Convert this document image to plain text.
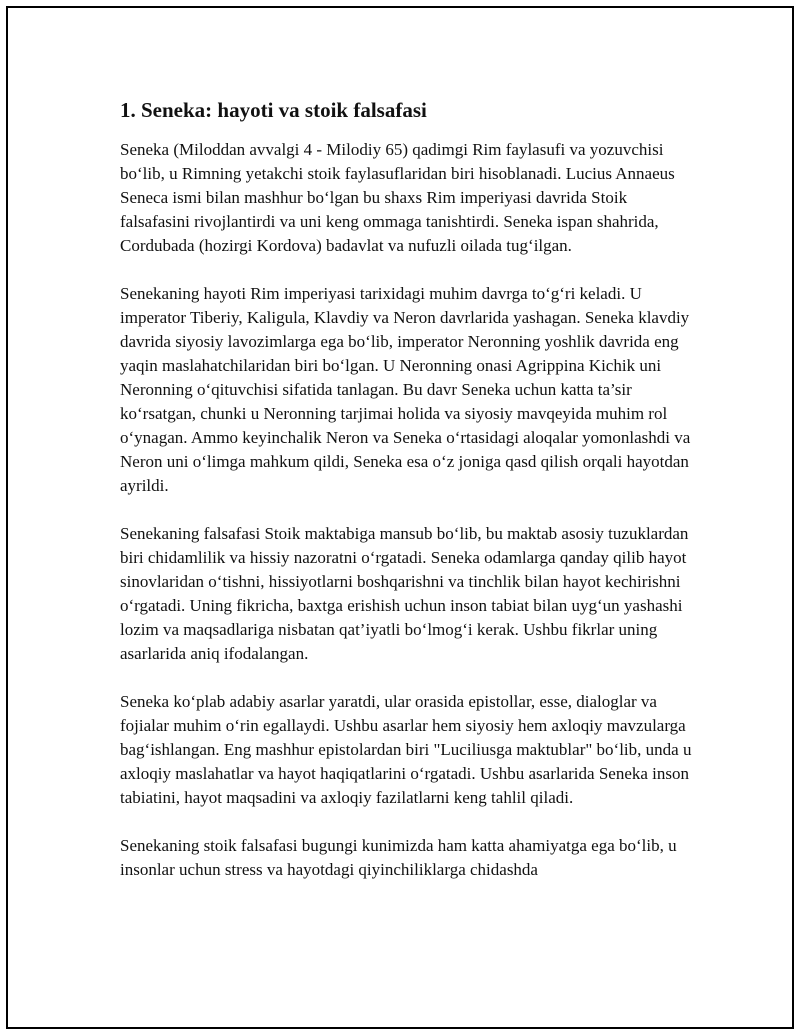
1. Seneka: hayoti va stoik falsafasi

Seneka (Miloddan avvalgi 4 - Milodiy 65) qadimgi Rim faylasufi va yozuvchisi bo‘lib, u Rimning yetakchi stoik faylasuflaridan biri hisoblanadi. Lucius Annaeus Seneca ismi bilan mashhur bo‘lgan bu shaxs Rim imperiyasi davrida Stoik falsafasini rivojlantirdi va uni keng ommaga tanishtirdi. Seneka ispan shahrida, Cordubada (hozirgi Kordova) badavlat va nufuzli oilada tug‘ilgan.

Senekaning hayoti Rim imperiyasi tarixidagi muhim davrga to‘g‘ri keladi. U imperator Tiberiy, Kaligula, Klavdiy va Neron davrlarida yashagan. Seneka klavdiy davrida siyosiy lavozimlarga ega bo‘lib, imperator Neronning yoshlik davrida eng yaqin maslahatchilaridan biri bo‘lgan. U Neronning onasi Agrippina Kichik uni Neronning o‘qituvchisi sifatida tanlagan. Bu davr Seneka uchun katta ta’sir ko‘rsatgan, chunki u Neronning tarjimai holida va siyosiy mavqeyida muhim rol o‘ynagan. Ammo keyinchalik Neron va Seneka o‘rtasidagi aloqalar yomonlashdi va Neron uni o‘limga mahkum qildi, Seneka esa o‘z joniga qasd qilish orqali hayotdan ayrildi.

Senekaning falsafasi Stoik maktabiga mansub bo‘lib, bu maktab asosiy tuzuklardan biri chidamlilik va hissiy nazoratni o‘rgatadi. Seneka odamlarga qanday qilib hayot sinovlaridan o‘tishni, hissiyotlarni boshqarishni va tinchlik bilan hayot kechirishni o‘rgatadi. Uning fikricha, baxtga erishish uchun inson tabiat bilan uyg‘un yashashi lozim va maqsadlariga nisbatan qat’iyatli bo‘lmog‘i kerak. Ushbu fikrlar uning asarlarida aniq ifodalangan.

Seneka ko‘plab adabiy asarlar yaratdi, ular orasida epistollar, esse, dialoglar va fojialar muhim o‘rin egallaydi. Ushbu asarlar hem siyosiy hem axloqiy mavzularga bag‘ishlangan. Eng mashhur epistolardan biri "Luciliusga maktublar" bo‘lib, unda u axloqiy maslahatlar va hayot haqiqatlarini o‘rgatadi. Ushbu asarlarida Seneka inson tabiatini, hayot maqsadini va axloqiy fazilatlarni keng tahlil qiladi.

Senekaning stoik falsafasi bugungi kunimizda ham katta ahamiyatga ega bo‘lib, u insonlar uchun stress va hayotdagi qiyinchiliklarga chidashda
